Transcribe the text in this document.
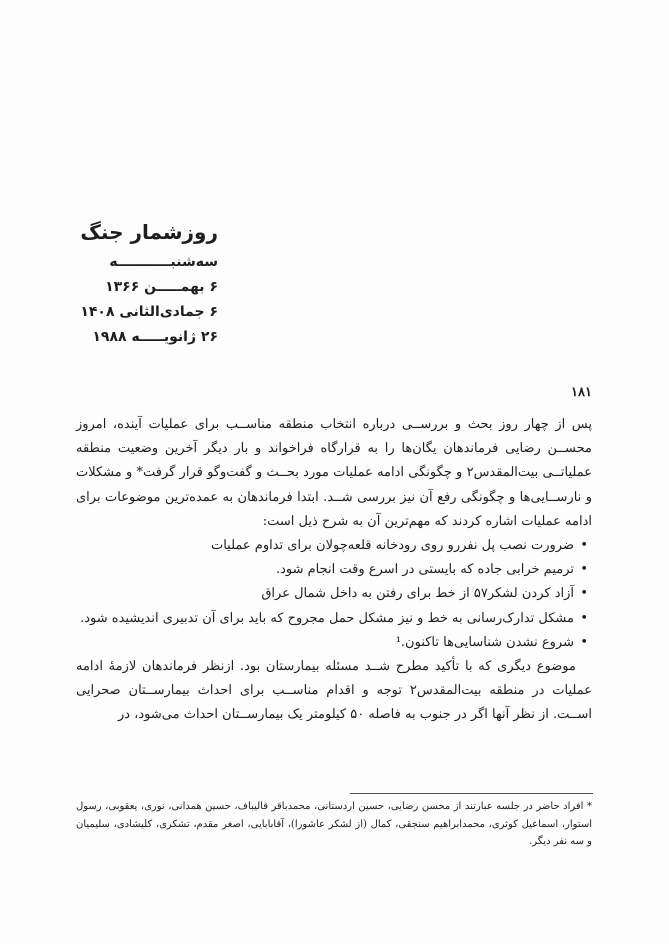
روزشمار جنگ
سه‌شنبـــــــــــه
۶ بهمـــــن ۱۳۶۶
۶ جمادی‌الثانی ۱۴۰۸
۲۶ ژانویـــــه ۱۹۸۸
۱۸۱

پس از چهار روز بحث و بررســی درباره انتخاب منطقه مناســب برای عملیات آینده، امروز محســن رضایی فرماندهان یگان‌ها را به قرارگاه فراخواند و بار دیگر آخرین وضعیت منطقه عملیاتــی بیت‌المقدس۲ و چگونگی ادامه عملیات مورد بحــث و گفت‌وگو قرار گرفت* و مشکلات و نارســایی‌ها و چگونگی رفع آن نیز بررسی شــد. ابتدا فرماندهان به عمده‌ترین موضوعات برای ادامه عملیات اشاره کردند که مهم‌ترین آن به شرح ذیل است:

• ضرورت نصب پل نفررو روی رودخانه قلعه‌چولان برای تداوم عملیات
• ترمیم خرابی جاده که بایستی در اسرع وقت انجام شود.
• آزاد کردن لشکر۵۷ از خط برای رفتن به داخل شمال عراق
• مشکل تدارک‌رسانی به خط و نیز مشکل حمل مجروح که باید برای آن تدبیری اندیشیده شود.
• شروع نشدن شناسایی‌ها تاکنون.¹

موضوع دیگری که با تأکید مطرح شــد مسئله بیمارستان بود. ازنظر فرماندهان لازمهٔ ادامه عملیات در منطقه بیت‌المقدس۲ توجه و اقدام مناســب برای احداث بیمارســتان صحرایی اســت. از نظر آنها اگر در جنوب به فاصله ۵۰ کیلومتر یک بیمارســتان احداث می‌شود، در

* افراد حاضر در جلسه عبارتند از محسن رضایی، حسین اردستانی، محمدباقر قالیباف، حسین همدانی، نوری، یعقوبی، رسول استوار، اسماعیل کوثری، محمدابراهیم سنجقی، کمال (از لشکر عاشورا)، آقابابایی، اصغر مقدم، تشکری، کلیشادی، سلیمیان و سه نفر دیگر.
